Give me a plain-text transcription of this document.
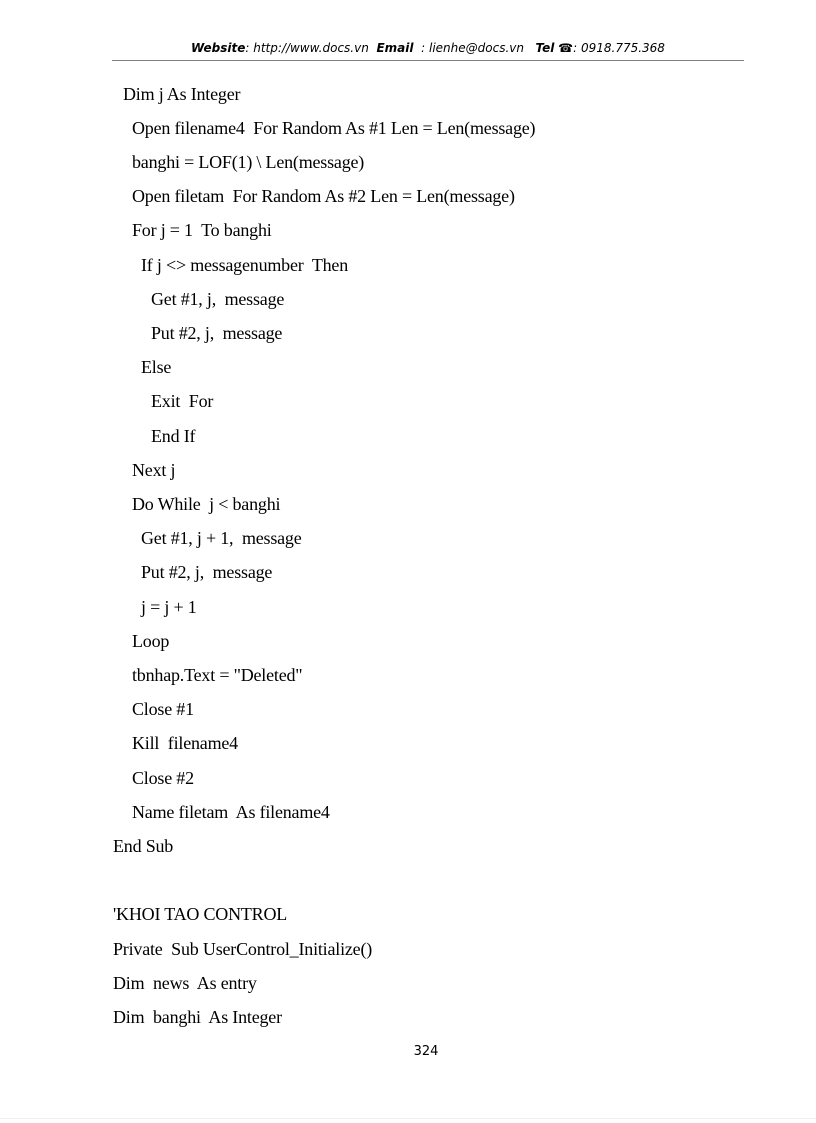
Website: http://www.docs.vn Email : lienhe@docs.vn Tel ☎: 0918.775.368
Dim j As Integer
Open filename4  For Random As #1 Len = Len(message)
banghi = LOF(1) \ Len(message)
Open filetam  For Random As #2 Len = Len(message)
For j = 1  To banghi
If j <> messagenumber  Then
Get #1, j,  message
Put #2, j,  message
Else
Exit  For
End If
Next j
Do While  j < banghi
Get #1, j + 1,  message
Put #2, j,  message
j = j + 1
Loop
tbnhap.Text = "Deleted"
Close #1
Kill  filename4
Close #2
Name filetam  As filename4
End Sub
'KHOI TAO CONTROL
Private  Sub UserControl_Initialize()
Dim  news  As entry
Dim  banghi  As Integer
324
